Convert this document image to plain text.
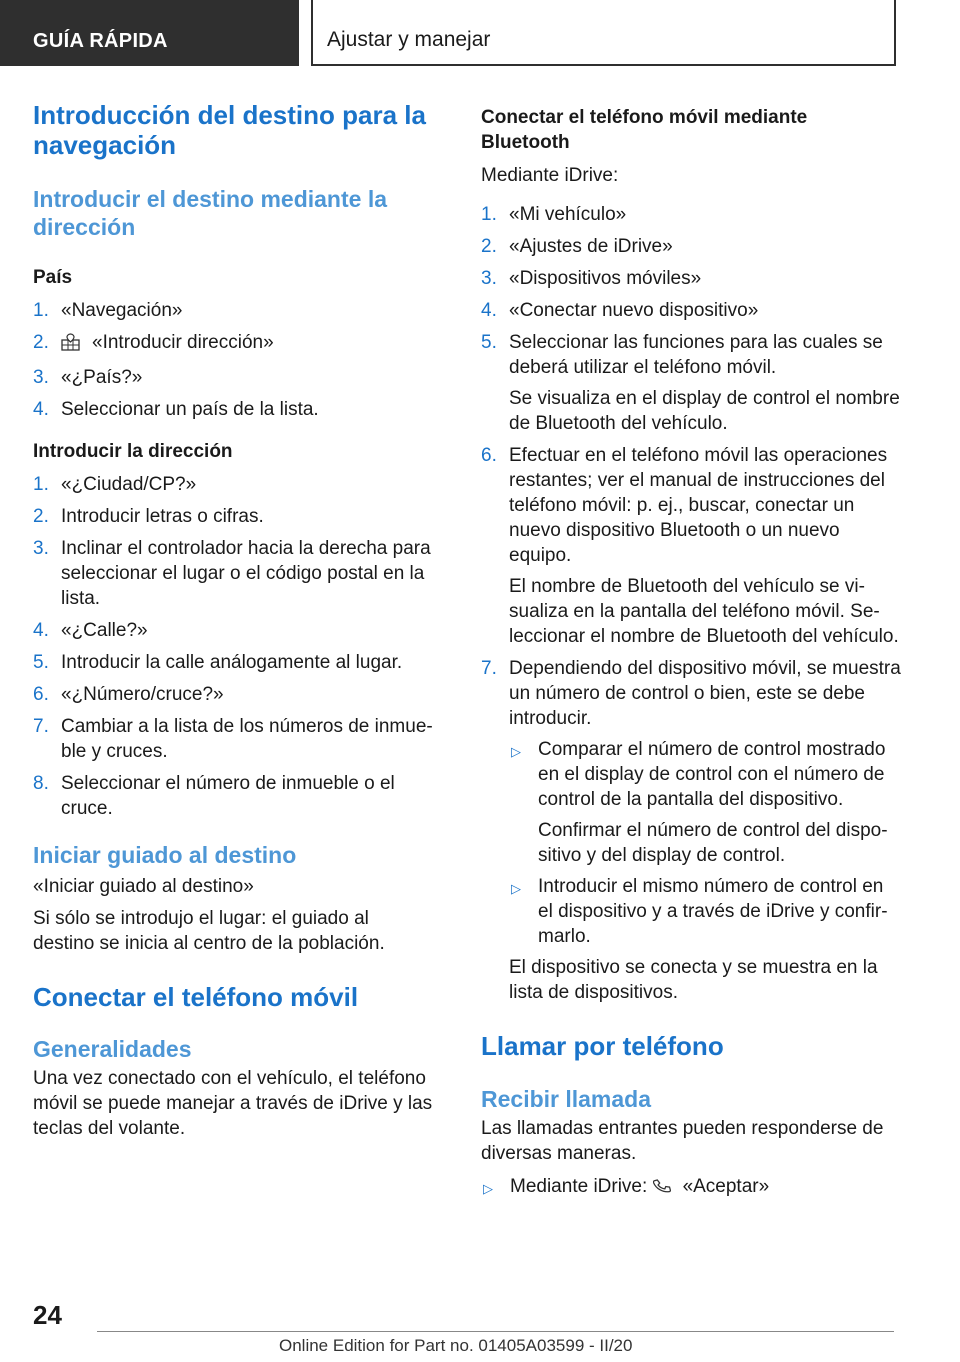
GUÍA RÁPIDA	Ajustar y manejar
Introducción del destino para la navegación
Introducir el destino mediante la dirección
País
1. «Navegación»
2. «Introducir dirección»
3. «¿País?»
4. Seleccionar un país de la lista.
Introducir la dirección
1. «¿Ciudad/CP?»
2. Introducir letras o cifras.
3. Inclinar el controlador hacia la derecha para seleccionar el lugar o el código postal en la lista.
4. «¿Calle?»
5. Introducir la calle análogamente al lugar.
6. «¿Número/cruce?»
7. Cambiar a la lista de los números de inmueble y cruces.
8. Seleccionar el número de inmueble o el cruce.
Iniciar guiado al destino
«Iniciar guiado al destino»
Si sólo se introdujo el lugar: el guiado al destino se inicia al centro de la población.
Conectar el teléfono móvil
Generalidades
Una vez conectado con el vehículo, el teléfono móvil se puede manejar a través de iDrive y las teclas del volante.
Conectar el teléfono móvil mediante Bluetooth
Mediante iDrive:
1. «Mi vehículo»
2. «Ajustes de iDrive»
3. «Dispositivos móviles»
4. «Conectar nuevo dispositivo»
5. Seleccionar las funciones para las cuales se deberá utilizar el teléfono móvil.
Se visualiza en el display de control el nombre de Bluetooth del vehículo.
6. Efectuar en el teléfono móvil las operaciones restantes; ver el manual de instrucciones del teléfono móvil: p. ej., buscar, conectar un nuevo dispositivo Bluetooth o un nuevo equipo.
El nombre de Bluetooth del vehículo se visualiza en la pantalla del teléfono móvil. Seleccionar el nombre de Bluetooth del vehículo.
7. Dependiendo del dispositivo móvil, se muestra un número de control o bien, este se debe introducir.
▷ Comparar el número de control mostrado en el display de control con el número de control de la pantalla del dispositivo.
Confirmar el número de control del dispositivo y del display de control.
▷ Introducir el mismo número de control en el dispositivo y a través de iDrive y confirmarlo.
El dispositivo se conecta y se muestra en la lista de dispositivos.
Llamar por teléfono
Recibir llamada
Las llamadas entrantes pueden responderse de diversas maneras.
▷ Mediante iDrive: «Aceptar»
24
Online Edition for Part no. 01405A03599 - II/20
